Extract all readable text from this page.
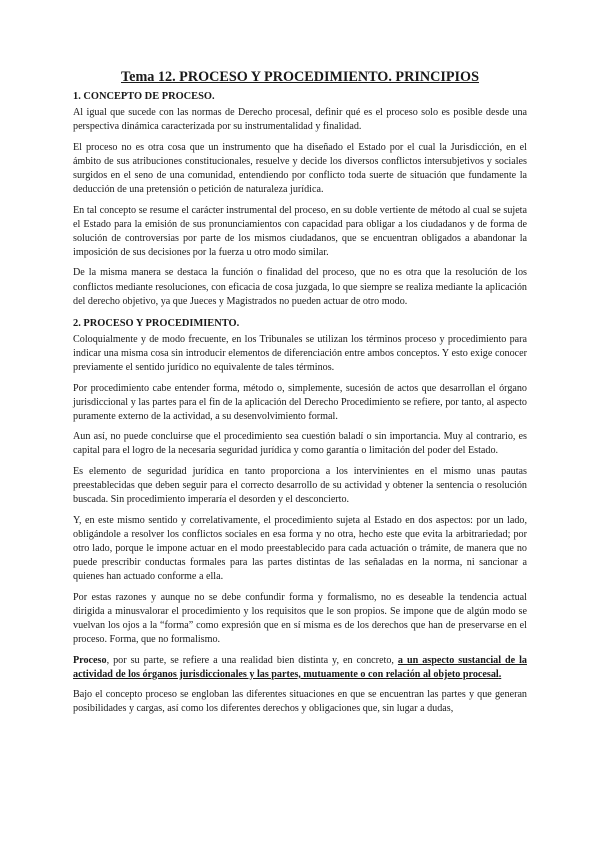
Tema 12. PROCESO Y PROCEDIMIENTO. PRINCIPIOS
1. CONCEPTO DE PROCESO.

Al igual que sucede con las normas de Derecho procesal, definir qué es el proceso solo es posible desde una perspectiva dinámica caracterizada por su instrumentalidad y finalidad.

El proceso no es otra cosa que un instrumento que ha diseñado el Estado por el cual la Jurisdicción, en el ámbito de sus atribuciones constitucionales, resuelve y decide los diversos conflictos intersubjetivos y sociales surgidos en el seno de una comunidad, entendiendo por conflicto toda suerte de situación que fundamente la deducción de una pretensión o petición de naturaleza jurídica.

En tal concepto se resume el carácter instrumental del proceso, en su doble vertiente de método al cual se sujeta el Estado para la emisión de sus pronunciamientos con capacidad para obligar a los ciudadanos y de forma de solución de controversias por parte de los mismos ciudadanos, que se encuentran obligados a abandonar la imposición de sus decisiones por la fuerza u otro modo similar.

De la misma manera se destaca la función o finalidad del proceso, que no es otra que la resolución de los conflictos mediante resoluciones, con eficacia de cosa juzgada, lo que siempre se realiza mediante la aplicación del derecho objetivo, ya que Jueces y Magistrados no pueden actuar de otro modo.

2. PROCESO Y PROCEDIMIENTO.

Coloquialmente y de modo frecuente, en los Tribunales se utilizan los términos proceso y procedimiento para indicar una misma cosa sin introducir elementos de diferenciación entre ambos conceptos. Y esto exige conocer previamente el sentido jurídico no equivalente de tales términos.

Por procedimiento cabe entender forma, método o, simplemente, sucesión de actos que desarrollan el órgano jurisdiccional y las partes para el fin de la aplicación del Derecho Procedimiento se refiere, por tanto, al aspecto puramente externo de la actividad, a su desenvolvimiento formal.

Aun así, no puede concluirse que el procedimiento sea cuestión baladí o sin importancia. Muy al contrario, es capital para el logro de la necesaria seguridad jurídica y como garantía o limitación del poder del Estado.

Es elemento de seguridad jurídica en tanto proporciona a los intervinientes en el mismo unas pautas preestablecidas que deben seguir para el correcto desarrollo de su actividad y obtener la sentencia o resolución buscada. Sin procedimiento imperaría el desorden y el desconcierto.

Y, en este mismo sentido y correlativamente, el procedimiento sujeta al Estado en dos aspectos: por un lado, obligándole a resolver los conflictos sociales en esa forma y no otra, hecho este que evita la arbitrariedad; por otro lado, porque le impone actuar en el modo preestablecido para cada actuación o trámite, de manera que no puede prescribir conductas formales para las partes distintas de las señaladas en la norma, ni sancionar a quienes han actuado conforme a ella.

Por estas razones y aunque no se debe confundir forma y formalismo, no es deseable la tendencia actual dirigida a minusvalorar el procedimiento y los requisitos que le son propios. Se impone que de algún modo se vuelvan los ojos a la “forma” como expresión que en sí misma es de los derechos que han de preservarse en el proceso. Forma, que no formalismo.

Proceso, por su parte, se refiere a una realidad bien distinta y, en concreto, a un aspecto sustancial de la actividad de los órganos jurisdiccionales y las partes, mutuamente o con relación al objeto procesal.

Bajo el concepto proceso se engloban las diferentes situaciones en que se encuentran las partes y que generan posibilidades y cargas, así como los diferentes derechos y obligaciones que, sin lugar a dudas,
